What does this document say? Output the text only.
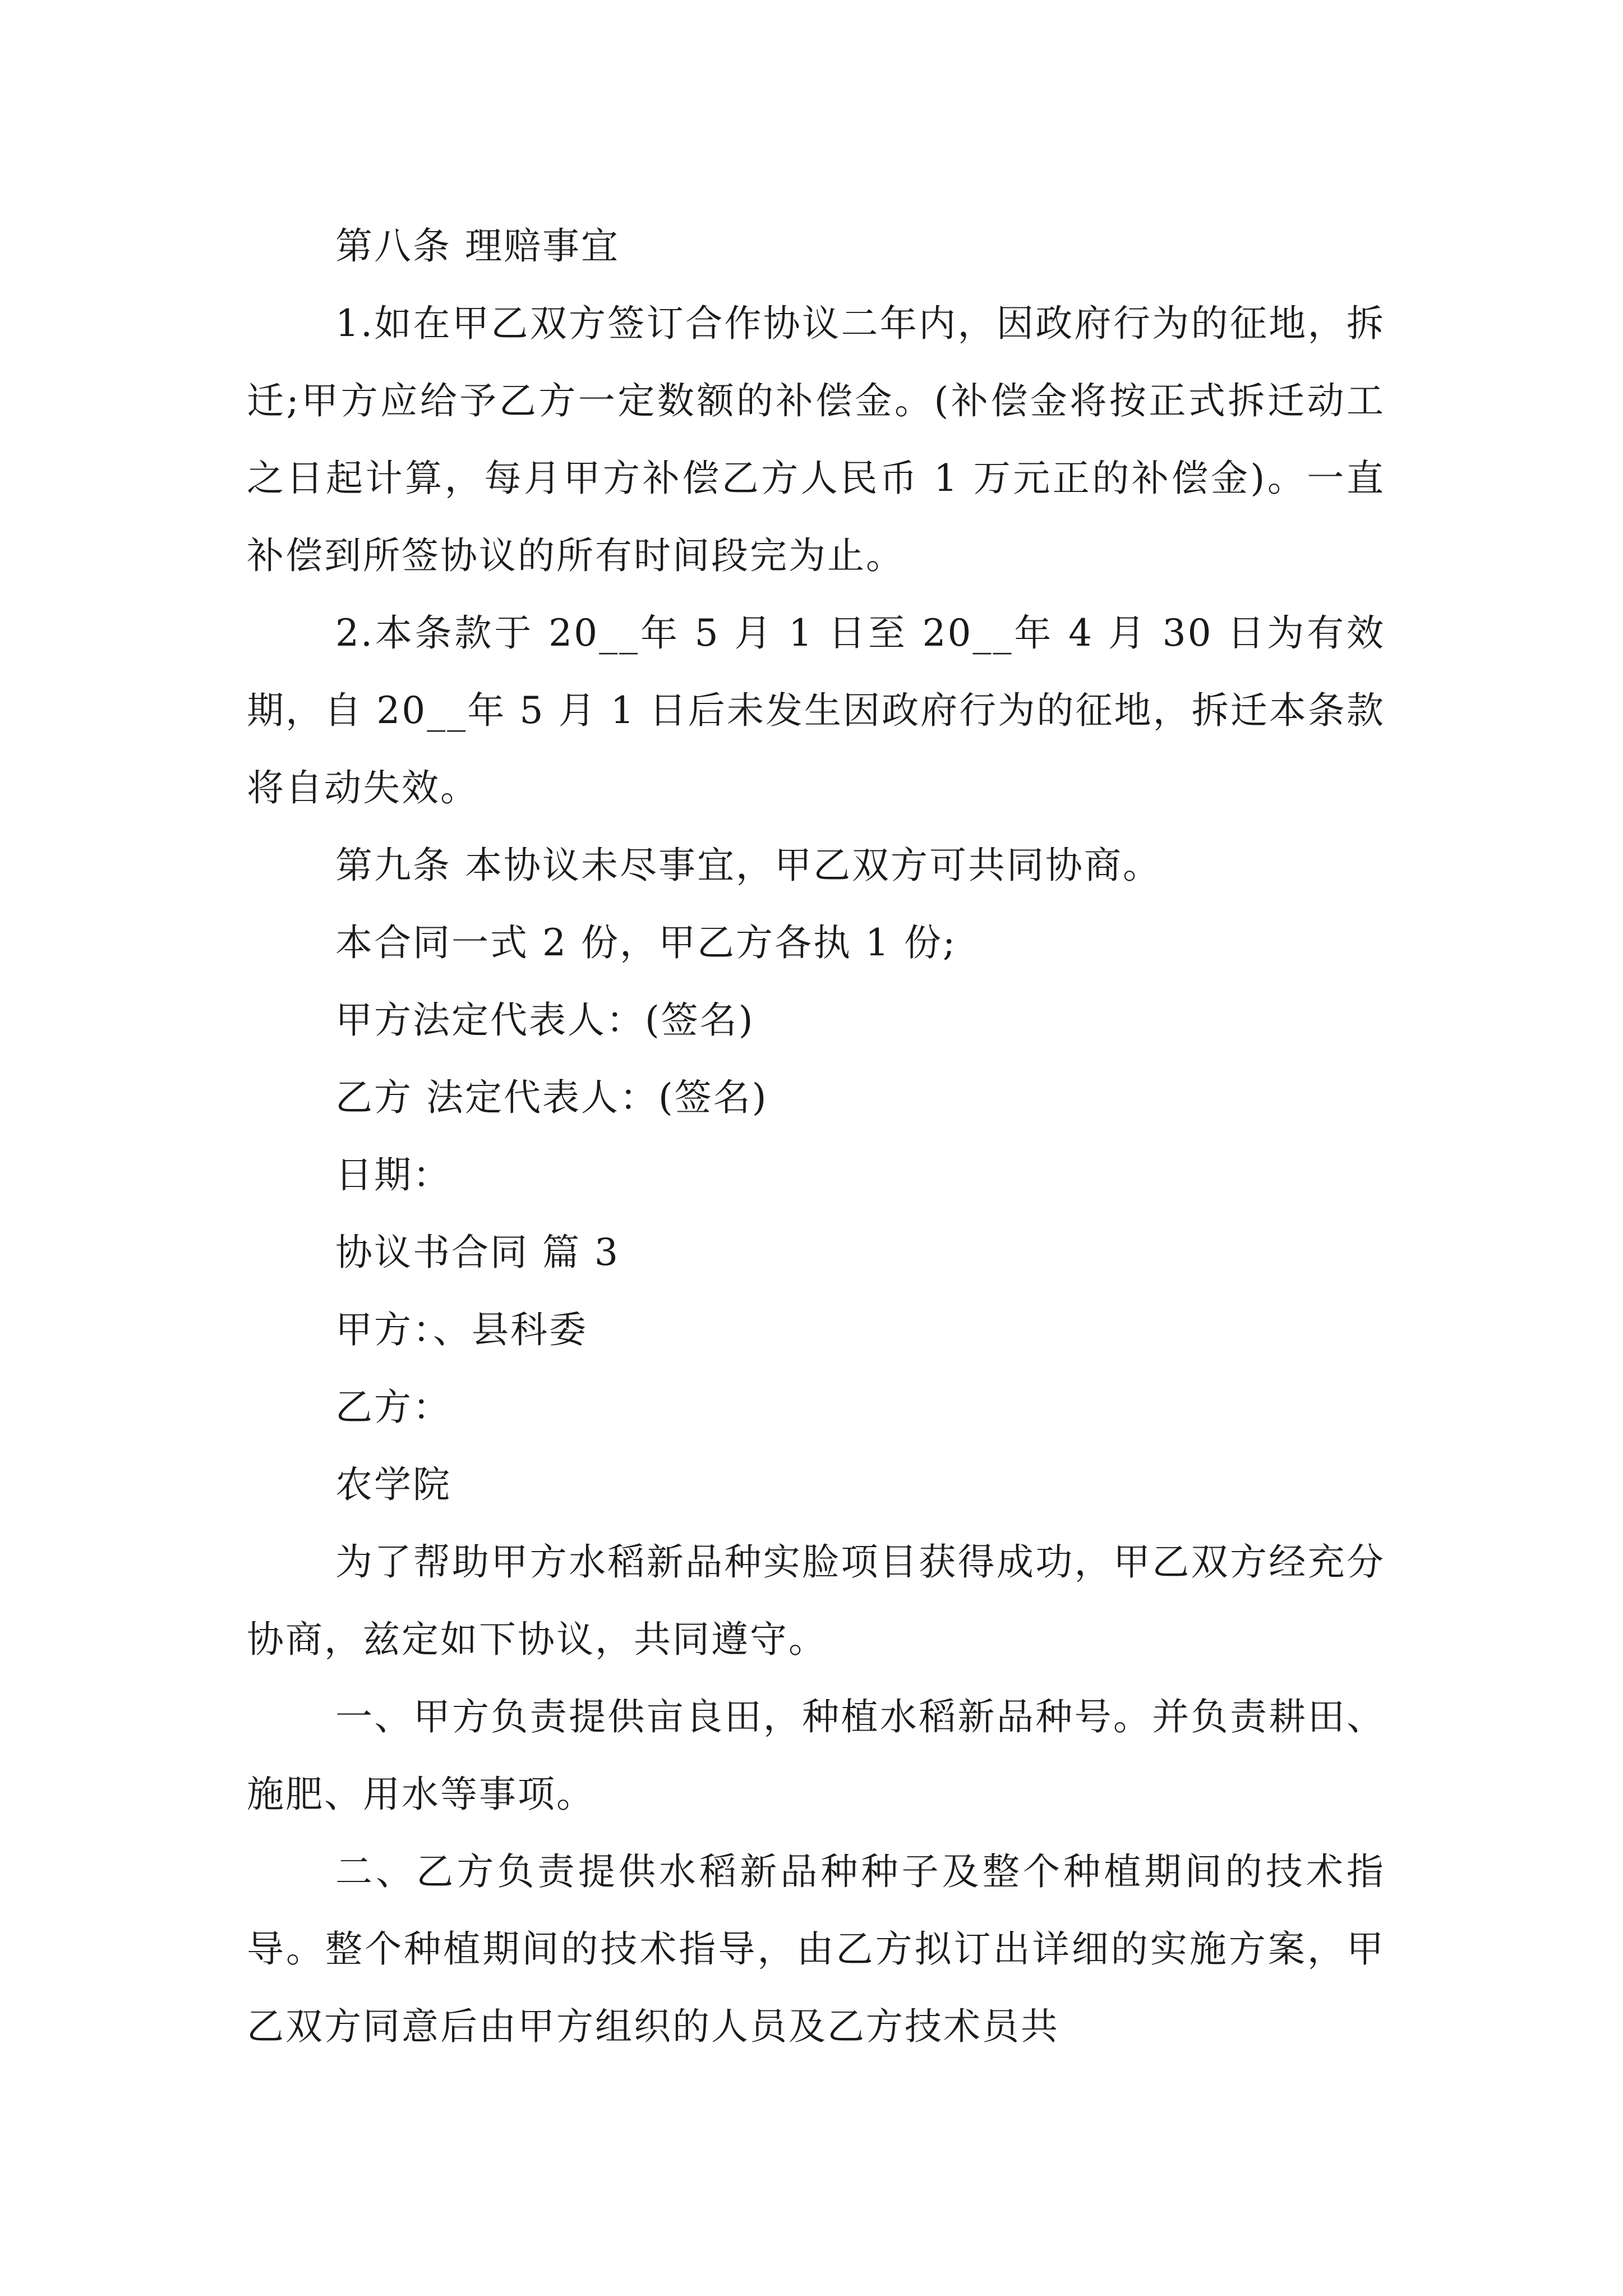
第八条 理赔事宜

1.如在甲乙双方签订合作协议二年内，因政府行为的征地，拆迁;甲方应给予乙方一定数额的补偿金。(补偿金将按正式拆迁动工之日起计算，每月甲方补偿乙方人民币 1 万元正的补偿金)。一直补偿到所签协议的所有时间段完为止。

2.本条款于 20__年 5 月 1 日至 20__年 4 月 30 日为有效期，自 20__年 5 月 1 日后未发生因政府行为的征地，拆迁本条款将自动失效。

第九条 本协议未尽事宜，甲乙双方可共同协商。

本合同一式 2 份，甲乙方各执 1 份;

甲方法定代表人：(签名)

乙方 法定代表人：(签名)

日期：

协议书合同 篇 3

甲方：、县科委

乙方：

农学院

为了帮助甲方水稻新品种实脸项目获得成功，甲乙双方经充分协商，兹定如下协议，共同遵守。

一、甲方负责提供亩良田，种植水稻新品种号。并负责耕田、施肥、用水等事项。

二、乙方负责提供水稻新品种种子及整个种植期间的技术指导。整个种植期间的技术指导，由乙方拟订出详细的实施方案，甲乙双方同意后由甲方组织的人员及乙方技术员共
